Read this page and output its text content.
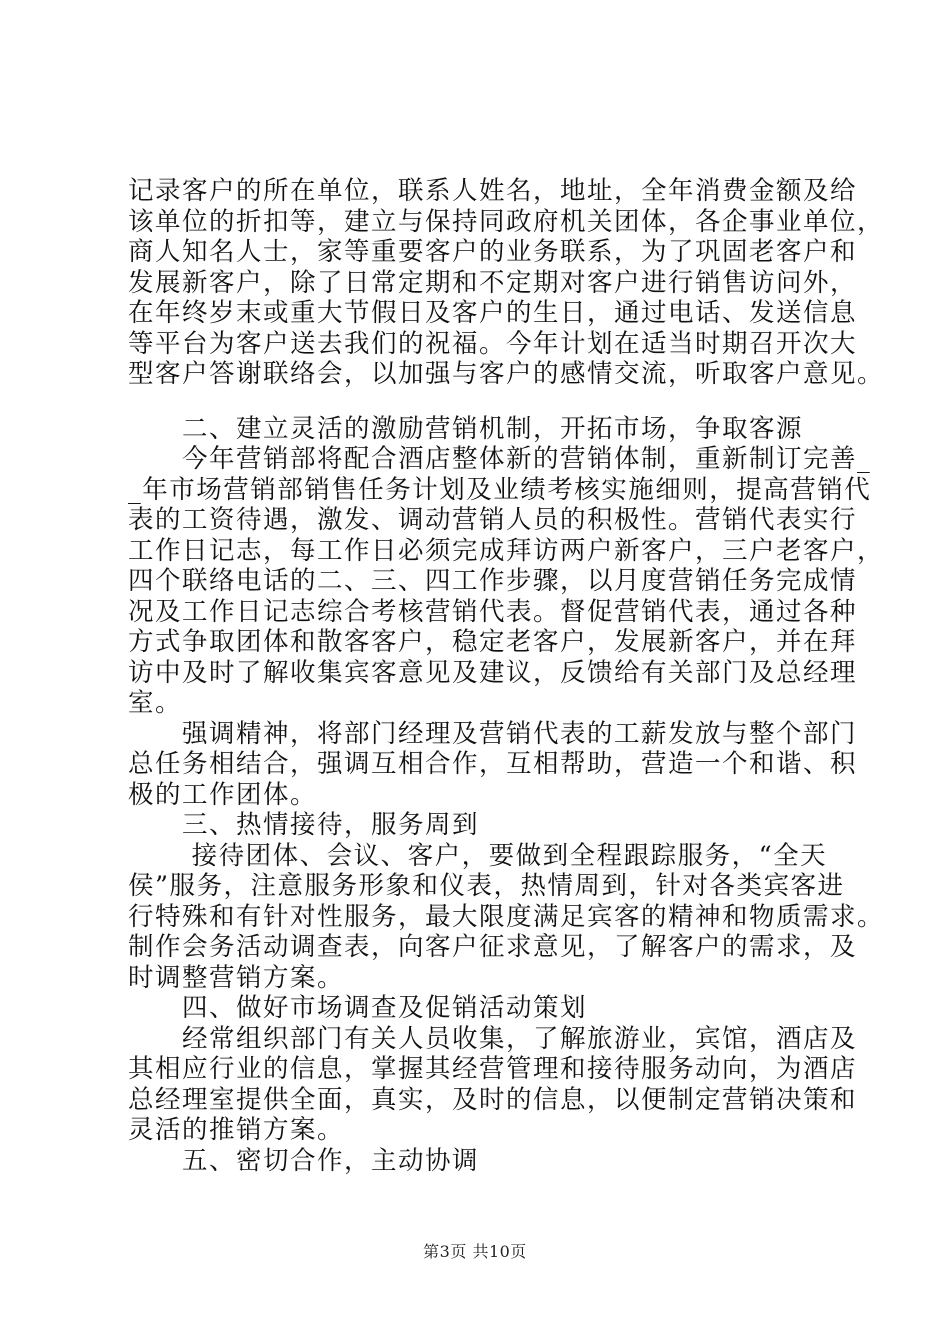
记录客户的所在单位，联系人姓名，地址，全年消费金额及给
该单位的折扣等，建立与保持同政府机关团体，各企事业单位，
商人知名人士，家等重要客户的业务联系，为了巩固老客户和
发展新客户，除了日常定期和不定期对客户进行销售访问外，
在年终岁末或重大节假日及客户的生日，通过电话、发送信息
等平台为客户送去我们的祝福。今年计划在适当时期召开次大
型客户答谢联络会，以加强与客户的感情交流，听取客户意见。
　　二、建立灵活的激励营销机制，开拓市场，争取客源
　　今年营销部将配合酒店整体新的营销体制，重新制订完善_
_年市场营销部销售任务计划及业绩考核实施细则，提高营销代
表的工资待遇，激发、调动营销人员的积极性。营销代表实行
工作日记志，每工作日必须完成拜访两户新客户，三户老客户，
四个联络电话的二、三、四工作步骤，以月度营销任务完成情
况及工作日记志综合考核营销代表。督促营销代表，通过各种
方式争取团体和散客客户，稳定老客户，发展新客户，并在拜
访中及时了解收集宾客意见及建议，反馈给有关部门及总经理
室。
　　强调精神，将部门经理及营销代表的工薪发放与整个部门
总任务相结合，强调互相合作，互相帮助，营造一个和谐、积
极的工作团体。
　　三、热情接待，服务周到
　　 接待团体、会议、客户，要做到全程跟踪服务，“全天
侯”服务，注意服务形象和仪表，热情周到，针对各类宾客进
行特殊和有针对性服务，最大限度满足宾客的精神和物质需求。
制作会务活动调查表，向客户征求意见，了解客户的需求，及
时调整营销方案。
　　四、做好市场调查及促销活动策划
　　经常组织部门有关人员收集，了解旅游业，宾馆，酒店及
其相应行业的信息，掌握其经营管理和接待服务动向，为酒店
总经理室提供全面，真实，及时的信息，以便制定营销决策和
灵活的推销方案。
　　五、密切合作，主动协调
第3页 共10页
